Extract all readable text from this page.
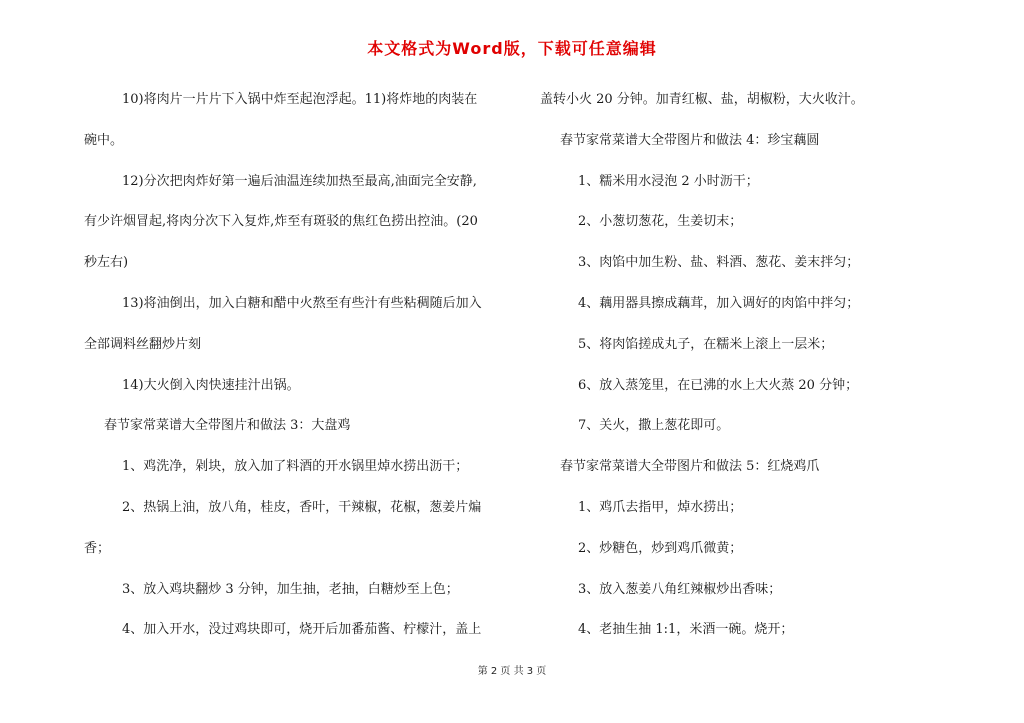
本文格式为Word版，下载可任意编辑
10)将肉片一片片下入锅中炸至起泡浮起。11)将炸地的肉装在
碗中。
12)分次把肉炸好第一遍后油温连续加热至最高,油面完全安静,
有少许烟冒起,将肉分次下入复炸,炸至有斑驳的焦红色捞出控油。(20
秒左右)
13)将油倒出，加入白糖和醋中火熬至有些汁有些粘稠随后加入
全部调料丝翻炒片刻
14)大火倒入肉快速挂汁出锅。
春节家常菜谱大全带图片和做法 3：大盘鸡
1、鸡洗净，剁块，放入加了料酒的开水锅里焯水捞出沥干；
2、热锅上油，放八角，桂皮，香叶，干辣椒，花椒，葱姜片煸
香；
3、放入鸡块翻炒 3 分钟，加生抽，老抽，白糖炒至上色；
4、加入开水，没过鸡块即可，烧开后加番茄酱、柠檬汁，盖上
盖转小火 20 分钟。加青红椒、盐，胡椒粉，大火收汁。
春节家常菜谱大全带图片和做法 4：珍宝藕圆
1、糯米用水浸泡 2 小时沥干；
2、小葱切葱花，生姜切末；
3、肉馅中加生粉、盐、料酒、葱花、姜末拌匀；
4、藕用器具擦成藕茸，加入调好的肉馅中拌匀；
5、将肉馅搓成丸子，在糯米上滚上一层米；
6、放入蒸笼里，在已沸的水上大火蒸 20 分钟；
7、关火，撒上葱花即可。
春节家常菜谱大全带图片和做法 5：红烧鸡爪
1、鸡爪去指甲，焯水捞出；
2、炒糖色，炒到鸡爪微黄；
3、放入葱姜八角红辣椒炒出香味；
4、老抽生抽 1:1，米酒一碗。烧开；
第 2 页 共 3 页
